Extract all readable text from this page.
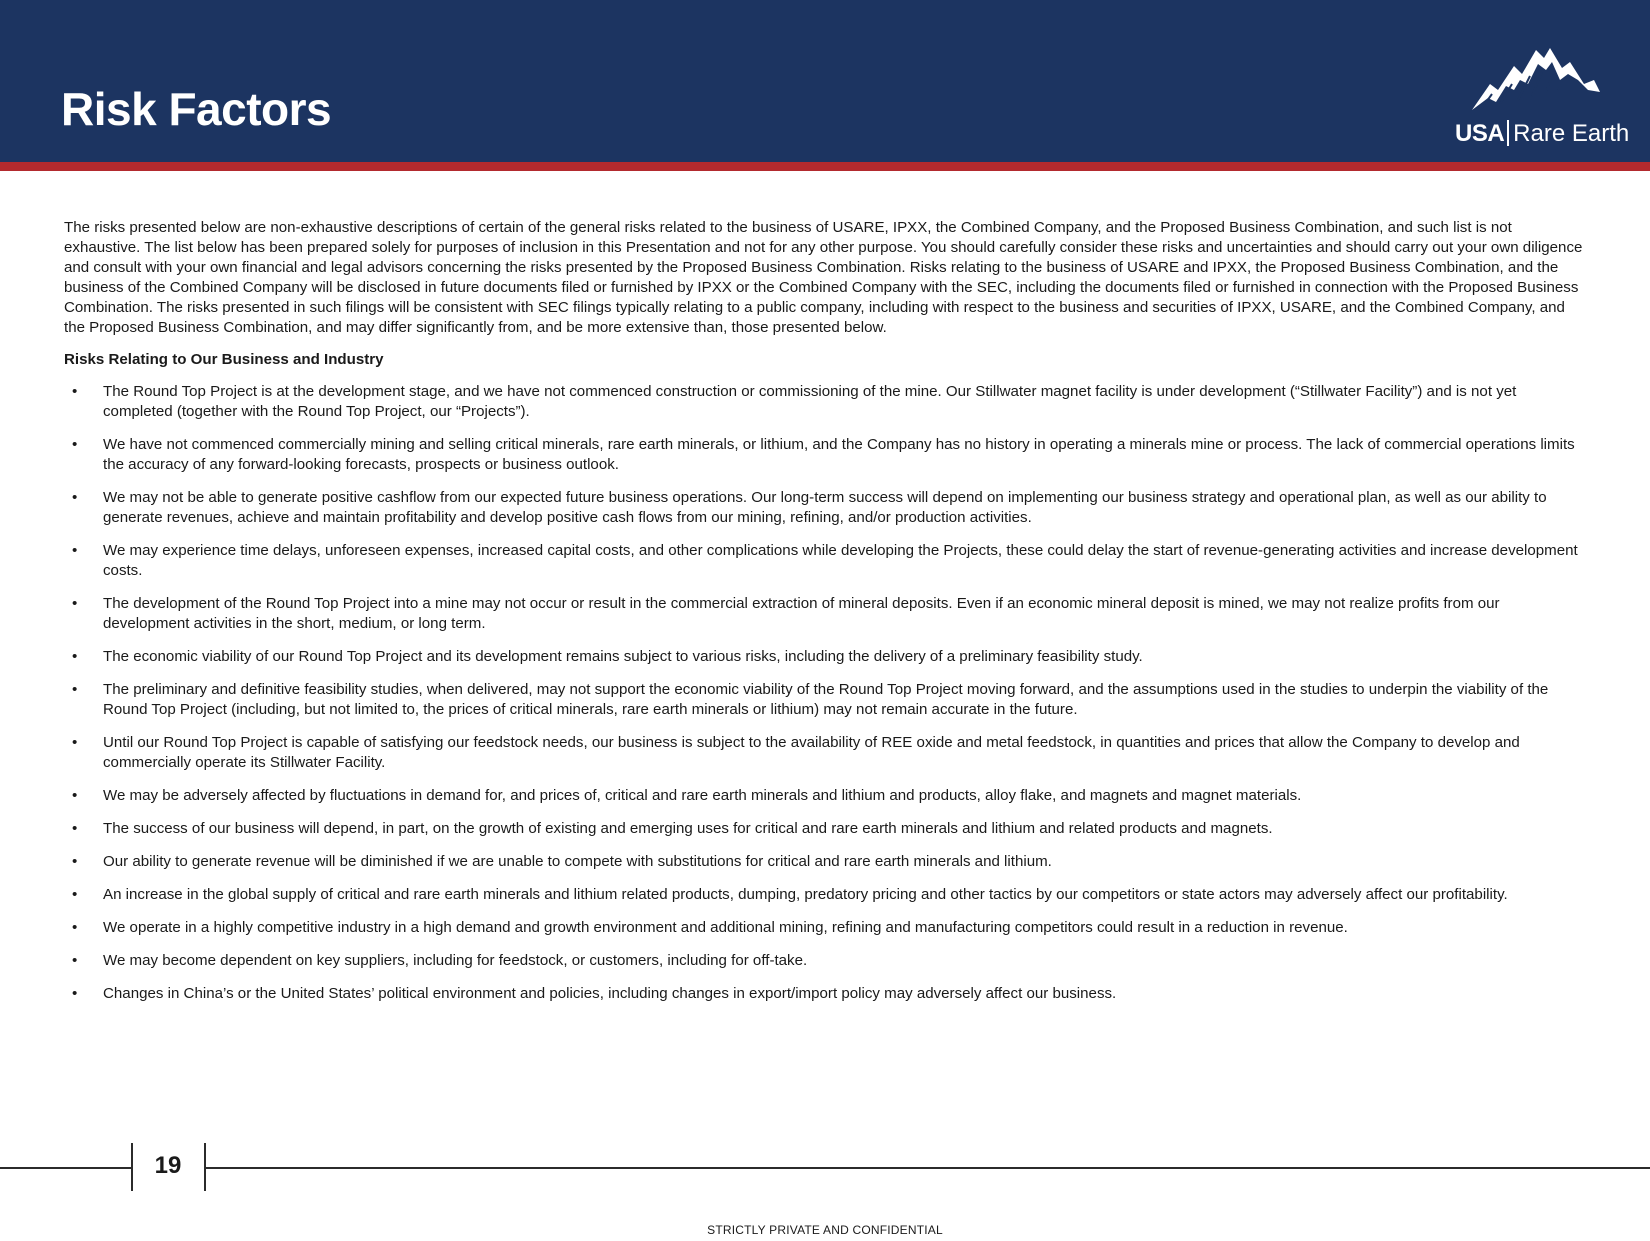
Risk Factors	USA Rare Earth

The risks presented below are non-exhaustive descriptions of certain of the general risks related to the business of USARE, IPXX, the Combined Company, and the Proposed Business Combination, and such list is not exhaustive. The list below has been prepared solely for purposes of inclusion in this Presentation and not for any other purpose. You should carefully consider these risks and uncertainties and should carry out your own diligence and consult with your own financial and legal advisors concerning the risks presented by the Proposed Business Combination. Risks relating to the business of USARE and IPXX, the Proposed Business Combination, and the business of the Combined Company will be disclosed in future documents filed or furnished by IPXX or the Combined Company with the SEC, including the documents filed or furnished in connection with the Proposed Business Combination. The risks presented in such filings will be consistent with SEC filings typically relating to a public company, including with respect to the business and securities of IPXX, USARE, and the Combined Company, and the Proposed Business Combination, and may differ significantly from, and be more extensive than, those presented below.

Risks Relating to Our Business and Industry

• The Round Top Project is at the development stage, and we have not commenced construction or commissioning of the mine. Our Stillwater magnet facility is under development (“Stillwater Facility”) and is not yet completed (together with the Round Top Project, our “Projects”).
• We have not commenced commercially mining and selling critical minerals, rare earth minerals, or lithium, and the Company has no history in operating a minerals mine or process. The lack of commercial operations limits the accuracy of any forward-looking forecasts, prospects or business outlook.
• We may not be able to generate positive cashflow from our expected future business operations. Our long-term success will depend on implementing our business strategy and operational plan, as well as our ability to generate revenues, achieve and maintain profitability and develop positive cash flows from our mining, refining, and/or production activities.
• We may experience time delays, unforeseen expenses, increased capital costs, and other complications while developing the Projects, these could delay the start of revenue-generating activities and increase development costs.
• The development of the Round Top Project into a mine may not occur or result in the commercial extraction of mineral deposits. Even if an economic mineral deposit is mined, we may not realize profits from our development activities in the short, medium, or long term.
• The economic viability of our Round Top Project and its development remains subject to various risks, including the delivery of a preliminary feasibility study.
• The preliminary and definitive feasibility studies, when delivered, may not support the economic viability of the Round Top Project moving forward, and the assumptions used in the studies to underpin the viability of the Round Top Project (including, but not limited to, the prices of critical minerals, rare earth minerals or lithium) may not remain accurate in the future.
• Until our Round Top Project is capable of satisfying our feedstock needs, our business is subject to the availability of REE oxide and metal feedstock, in quantities and prices that allow the Company to develop and commercially operate its Stillwater Facility.
• We may be adversely affected by fluctuations in demand for, and prices of, critical and rare earth minerals and lithium and products, alloy flake, and magnets and magnet materials.
• The success of our business will depend, in part, on the growth of existing and emerging uses for critical and rare earth minerals and lithium and related products and magnets.
• Our ability to generate revenue will be diminished if we are unable to compete with substitutions for critical and rare earth minerals and lithium.
• An increase in the global supply of critical and rare earth minerals and lithium related products, dumping, predatory pricing and other tactics by our competitors or state actors may adversely affect our profitability.
• We operate in a highly competitive industry in a high demand and growth environment and additional mining, refining and manufacturing competitors could result in a reduction in revenue.
• We may become dependent on key suppliers, including for feedstock, or customers, including for off-take.
• Changes in China’s or the United States’ political environment and policies, including changes in export/import policy may adversely affect our business.
19
STRICTLY PRIVATE AND CONFIDENTIAL
